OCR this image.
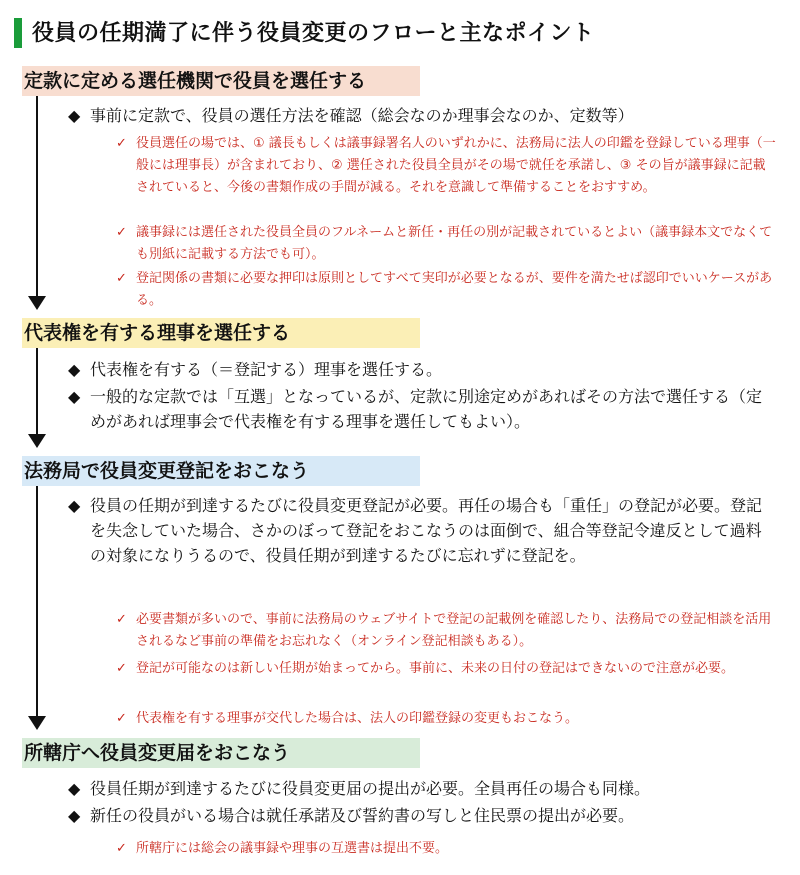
役員の任期満了に伴う役員変更のフローと主なポイント
定款に定める選任機関で役員を選任する
◆ 事前に定款で、役員の選任方法を確認（総会なのか理事会なのか、定数等）
✓ 役員選任の場では、① 議長もしくは議事録署名人のいずれかに、法務局に法人の印鑑を登録している理事（一般には理事長）が含まれており、② 選任された役員全員がその場で就任を承諾し、③ その旨が議事録に記載されていると、今後の書類作成の手間が減る。それを意識して準備することをおすすめ。
✓ 議事録には選任された役員全員のフルネームと新任・再任の別が記載されているとよい（議事録本文でなくても別紙に記載する方法でも可）。
✓ 登記関係の書類に必要な押印は原則としてすべて実印が必要となるが、要件を満たせば認印でいいケースがある。
代表権を有する理事を選任する
◆ 代表権を有する（＝登記する）理事を選任する。
◆ 一般的な定款では「互選」となっているが、定款に別途定めがあればその方法で選任する（定めがあれば理事会で代表権を有する理事を選任してもよい）。
法務局で役員変更登記をおこなう
◆ 役員の任期が到達するたびに役員変更登記が必要。再任の場合も「重任」の登記が必要。登記を失念していた場合、さかのぼって登記をおこなうのは面倒で、組合等登記令違反として過料の対象になりうるので、役員任期が到達するたびに忘れずに登記を。
✓ 必要書類が多いので、事前に法務局のウェブサイトで登記の記載例を確認したり、法務局での登記相談を活用されるなど事前の準備をお忘れなく（オンライン登記相談もある）。
✓ 登記が可能なのは新しい任期が始まってから。事前に、未来の日付の登記はできないので注意が必要。
✓ 代表権を有する理事が交代した場合は、法人の印鑑登録の変更もおこなう。
所轄庁へ役員変更届をおこなう
◆ 役員任期が到達するたびに役員変更届の提出が必要。全員再任の場合も同様。
◆ 新任の役員がいる場合は就任承諾及び誓約書の写しと住民票の提出が必要。
✓ 所轄庁には総会の議事録や理事の互選書は提出不要。
